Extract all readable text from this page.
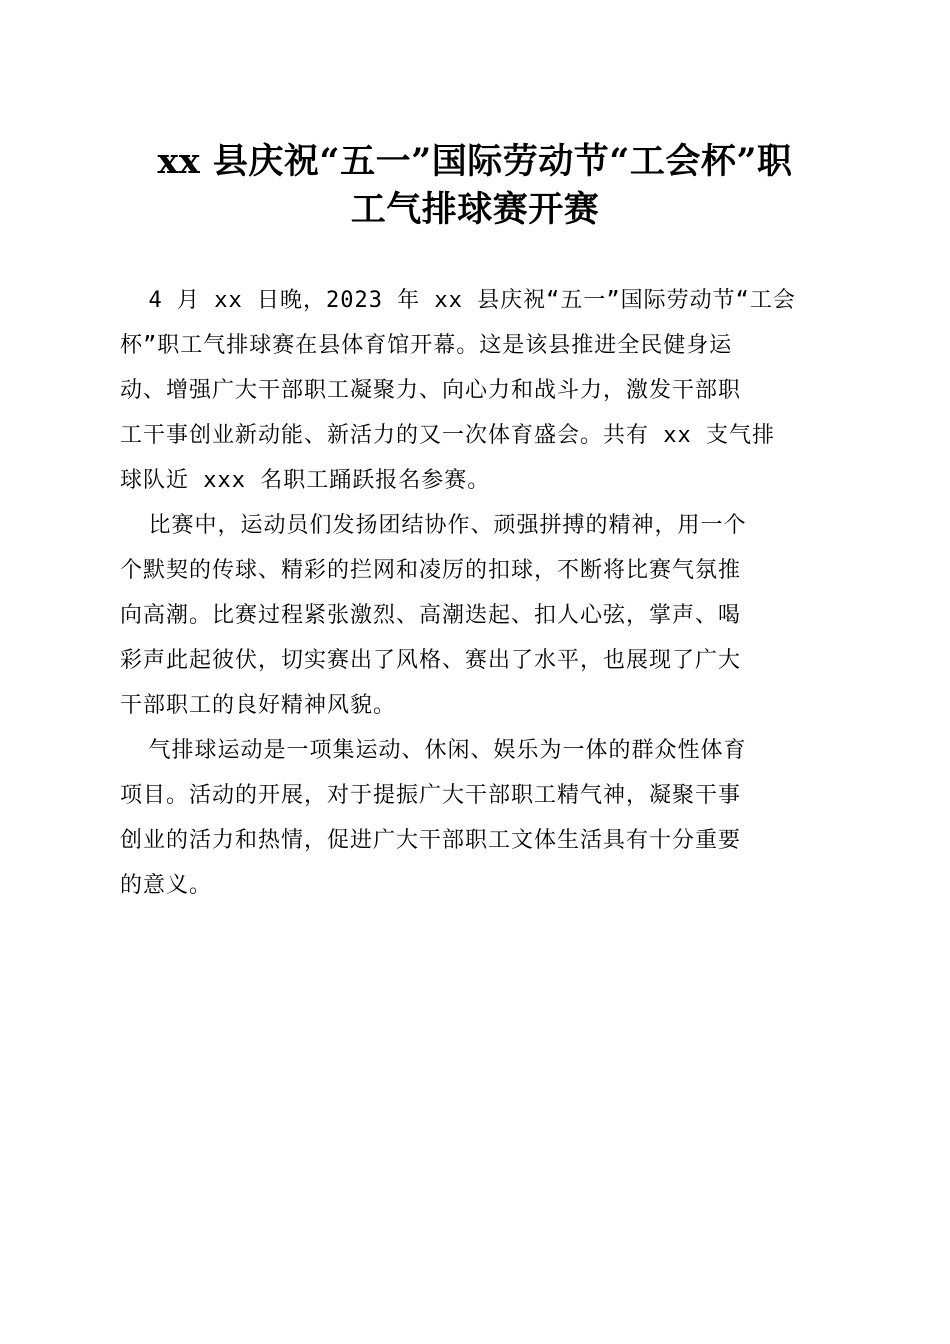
xx 县庆祝“五一”国际劳动节“工会杯”职
工气排球赛开赛

4 月 xx 日晚，2023 年 xx 县庆祝“五一”国际劳动节“工会
杯”职工气排球赛在县体育馆开幕。这是该县推进全民健身运
动、增强广大干部职工凝聚力、向心力和战斗力，激发干部职
工干事创业新动能、新活力的又一次体育盛会。共有 xx 支气排
球队近 xxx 名职工踊跃报名参赛。

比赛中，运动员们发扬团结协作、顽强拼搏的精神，用一个
个默契的传球、精彩的拦网和凌厉的扣球，不断将比赛气氛推
向高潮。比赛过程紧张激烈、高潮迭起、扣人心弦，掌声、喝
彩声此起彼伏，切实赛出了风格、赛出了水平，也展现了广大
干部职工的良好精神风貌。

气排球运动是一项集运动、休闲、娱乐为一体的群众性体育
项目。活动的开展，对于提振广大干部职工精气神，凝聚干事
创业的活力和热情，促进广大干部职工文体生活具有十分重要
的意义。
